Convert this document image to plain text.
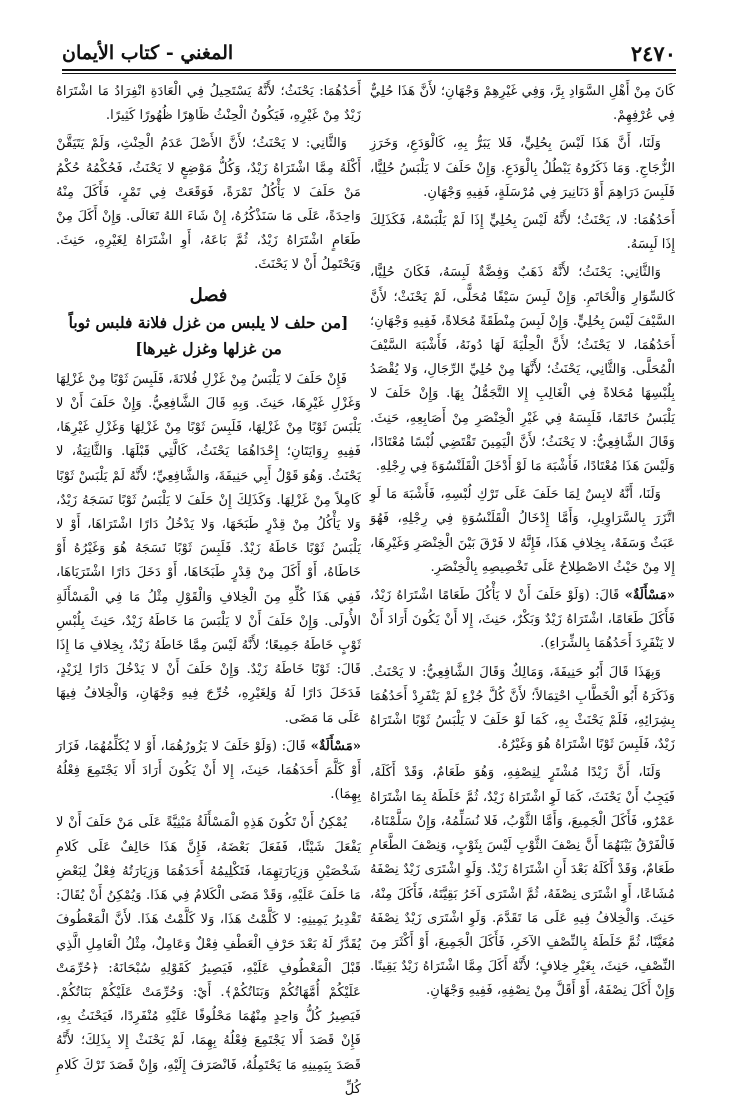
٢٤٧٠
المغني - كتاب الأيمان

كَانَ مِنْ أَهْلِ السَّوَادِ بِرَّ، وَفِي غَيْرِهِمْ وَجْهَانِ؛ لأَنَّ هَذَا حُلِيٌّ فِي عُرْفِهِمْ.

وَلَنَا، أَنَّ هَذَا لَيْسَ بِحُلِيٍّ، فَلا يَبَرُّ بِهِ، كَالْوَدَعِ، وَخَرَزِ الزُّجَاجِ. وَمَا ذَكَرُوهُ يَبْطُلُ بِالْوَدَعِ. وَإِنْ حَلَفَ لا يَلْبَسُ حُلِيًّا، فَلَبِسَ دَرَاهِمَ أَوْ دَنَانِيرَ فِي مُرْسَلَةٍ، فَفِيهِ وَجْهَانِ.

أَحَدُهُمَا: لا، يَحْنَثُ؛ لأَنَّهُ لَيْسَ بِحُلِيٍّ إِذَا لَمْ يَلْبَسْهُ، فَكَذَلِكَ إِذَا لَبِسَهُ.

وَالثَّانِي: يَحْنَثُ؛ لأَنَّهُ ذَهَبٌ وَفِضَّةٌ لَبِسَهُ، فَكَانَ حُلِيًّا، كَالسِّوَارِ وَالْخَاتَمِ. وَإِنْ لَبِسَ سَيْفًا مُحَلًّى، لَمْ يَحْنَثْ؛ لأَنَّ السَّيْفَ لَيْسَ بِحُلِيٍّ. وَإِنْ لَبِسَ مِنْطَقَةً مُحَلاةً، فَفِيهِ وَجْهَانِ؛ أَحَدُهُمَا، لا يَحْنَثُ؛ لأَنَّ الْحِلْيَةَ لَهَا دُونَهُ، فَأَشْبَهَ السَّيْفَ الْمُحَلَّى. وَالثَّانِي، يَحْنَثُ؛ لأَنَّهَا مِنْ حُلِيِّ الرِّجَالِ، وَلا يُقْصَدُ بِلُبْسِهَا مُحَلاةً فِي الْغَالِبِ إِلا التَّجَمُّلُ بِهَا. وَإِنْ حَلَفَ لا يَلْبَسُ خَاتَمًا، فَلَبِسَهُ فِي غَيْرِ الْخِنْصَرِ مِنْ أَصَابِعِهِ، حَنِثَ. وَقَالَ الشَّافِعِيُّ: لا يَحْنَثُ؛ لأَنَّ الْيَمِينَ تَقْتَضِي لُبْسًا مُعْتَادًا، وَلَيْسَ هَذَا مُعْتَادًا، فَأَشْبَهَ مَا لَوْ أَدْخَلَ الْقَلَنْسُوَةَ فِي رِجْلِهِ.

وَلَنَا، أَنَّهُ لابِسٌ لِمَا حَلَفَ عَلَى تَرْكِ لُبْسِهِ، فَأَشْبَهَ مَا لَوِ اتَّزَرَ بِالسَّرَاوِيلِ، وَأَمَّا إِدْخَالُ الْقَلَنْسُوَةِ فِي رِجْلِهِ، فَهُوَ عَبَثٌ وَسَفَهٌ، بِخِلافِ هَذَا، فَإِنَّهُ لا فَرْقَ بَيْنَ الْخِنْصَرِ وَغَيْرِهَا، إِلا مِنْ حَيْثُ الاصْطِلاحُ عَلَى تَخْصِيصِهِ بِالْخِنْصَرِ.

«مَسْأَلَةٌ» قَالَ: (وَلَوْ حَلَفَ أَنْ لا يَأْكُلَ طَعَامًا اشْتَرَاهُ زَيْدٌ، فَأَكَلَ طَعَامًا، اشْتَرَاهُ زَيْدٌ وَبَكْرٌ، حَنِثَ، إِلا أَنْ يَكُونَ أَرَادَ أَنْ لا يَنْفَرِدَ أَحَدُهُمَا بِالشِّرَاءِ).

وَبِهَذَا قَالَ أَبُو حَنِيفَةَ، وَمَالِكٌ وَقَالَ الشَّافِعِيُّ: لا يَحْنَثُ. وَذَكَرَهُ أَبُو الْخَطَّابِ احْتِمَالاً؛ لأَنَّ كُلَّ جُزْءٍ لَمْ يَنْفَرِدْ أَحَدُهُمَا بِشِرَائِهِ، فَلَمْ يَحْنَثْ بِهِ، كَمَا لَوْ حَلَفَ لا يَلْبَسُ ثَوْبًا اشْتَرَاهُ زَيْدٌ، فَلَبِسَ ثَوْبًا اشْتَرَاهُ هُوَ وَغَيْرُهُ.

وَلَنَا، أَنَّ زَيْدًا مُشْتَرٍ لِنِصْفِهِ، وَهُوَ طَعَامٌ، وَقَدْ أَكَلَهُ، فَيَجِبُ أَنْ يَحْنَثَ، كَمَا لَوِ اشْتَرَاهُ زَيْدٌ، ثُمَّ خَلَطَهُ بِمَا اشْتَرَاهُ عَمْرٌو، فَأَكَلَ الْجَمِيعَ، وَأَمَّا الثَّوْبُ، فَلا نُسَلِّمُهُ، وَإِنْ سَلَّمْنَاهُ، فَالْفَرْقُ بَيْنَهُمَا أَنَّ نِصْفَ الثَّوْبِ لَيْسَ بِثَوْبٍ، وَنِصْفَ الطَّعَامِ طَعَامٌ، وَقَدْ أَكَلَهُ بَعْدَ أَنِ اشْتَرَاهُ زَيْدٌ. وَلَوِ اشْتَرَى زَيْدٌ نِصْفَهُ مُشَاعًا، أَوِ اشْتَرَى نِصْفَهُ، ثُمَّ اشْتَرَى آخَرُ بَقِيَّتَهُ، فَأَكَلَ مِنْهُ، حَنِثَ. وَالْخِلافُ فِيهِ عَلَى مَا تَقَدَّمَ. وَلَوِ اشْتَرَى زَيْدٌ نِصْفَهُ مُعَيَّنًا، ثُمَّ خَلَطَهُ بِالنِّصْفِ الآخَرِ، فَأَكَلَ الْجَمِيعَ، أَوْ أَكْثَرَ مِنَ النِّصْفِ، حَنِثَ، بِغَيْرِ خِلافٍ؛ لأَنَّهُ أَكَلَ مِمَّا اشْتَرَاهُ زَيْدٌ يَقِينًا. وَإِنْ أَكَلَ نِصْفَهُ، أَوْ أَقَلَّ مِنْ نِصْفِهِ، فَفِيهِ وَجْهَانِ.

أَحَدُهُمَا: يَحْنَثُ؛ لأَنَّهُ يَسْتَحِيلُ فِي الْعَادَةِ انْفِرَادُ مَا اشْتَرَاهُ زَيْدٌ مِنْ غَيْرِهِ، فَيَكُونُ الْحِنْثُ ظَاهِرًا ظُهُورًا كَثِيرًا.

وَالثَّانِي: لا يَحْنَثُ؛ لأَنَّ الأَصْلَ عَدَمُ الْحِنْثِ، وَلَمْ يَتَيَقَّنْ أَكْلَهُ مِمَّا اشْتَرَاهُ زَيْدٌ، وَكُلُّ مَوْضِعٍ لا يَحْنَثُ، فَحُكْمُهُ حُكْمُ مَنْ حَلَفَ لا يَأْكُلُ تَمْرَةً، فَوَقَعَتْ فِي تَمْرٍ، فَأَكَلَ مِنْهُ وَاحِدَةً، عَلَى مَا سَنَذْكُرُهُ، إِنْ شَاءَ اللهُ تَعَالَى. وَإِنْ أَكَلَ مِنْ طَعَامٍ اشْتَرَاهُ زَيْدٌ، ثُمَّ بَاعَهُ، أَوِ اشْتَرَاهُ لِغَيْرِهِ، حَنِثَ. وَيَحْتَمِلُ أَنْ لا يَحْنَثَ.

فصل
[من حلف لا يلبس من غزل فلانة فلبس ثوباً من غزلها وغزل غيرها]

فَإِنْ حَلَفَ لا يَلْبَسُ مِنْ غَزْلِ فُلانَةَ، فَلَبِسَ ثَوْبًا مِنْ غَزْلِهَا وَغَزْلِ غَيْرِهَا، حَنِثَ. وَبِهِ قَالَ الشَّافِعِيُّ. وَإِنْ حَلَفَ أَنْ لا يَلْبَسَ ثَوْبًا مِنْ غَزْلِهَا، فَلَبِسَ ثَوْبًا مِنْ غَزْلِهَا وَغَزْلِ غَيْرِهَا، فَفِيهِ رِوَايَتَانِ؛ إِحْدَاهُمَا يَحْنَثُ، كَالَّتِي قَبْلَهَا. وَالثَّانِيَةُ، لا يَحْنَثُ. وَهُوَ قَوْلُ أَبِي حَنِيفَةَ، وَالشَّافِعِيِّ؛ لأَنَّهُ لَمْ يَلْبَسْ ثَوْبًا كَامِلاً مِنْ غَزْلِهَا. وَكَذَلِكَ إِنْ حَلَفَ لا يَلْبَسُ ثَوْبًا نَسَجَهُ زَيْدٌ، وَلا يَأْكُلُ مِنْ قِدْرٍ طَبَخَهَا، وَلا يَدْخُلُ دَارًا اشْتَرَاهَا، أَوْ لا يَلْبَسُ ثَوْبًا خَاطَهُ زَيْدٌ. فَلَبِسَ ثَوْبًا نَسَجَهُ هُوَ وَغَيْرُهُ أَوْ خَاطَاهُ، أَوْ أَكَلَ مِنْ قِدْرٍ طَبَخَاهَا، أَوْ دَخَلَ دَارًا اشْتَرَيَاهَا، فَفِي هَذَا كُلِّهِ مِنَ الْخِلافِ وَالْقَوْلِ مِثْلُ مَا فِي الْمَسْأَلَةِ الأُولَى. وَإِنْ حَلَفَ أَنْ لا يَلْبَسَ مَا خَاطَهُ زَيْدٌ، حَنِثَ بِلُبْسِ ثَوْبٍ خَاطَهُ جَمِيعًا؛ لأَنَّهُ لَيْسَ مِمَّا خَاطَهُ زَيْدٌ، بِخِلافِ مَا إِذَا قَالَ: ثَوْبًا خَاطَهُ زَيْدٌ. وَإِنْ حَلَفَ أَنْ لا يَدْخُلَ دَارًا لِزَيْدٍ، فَدَخَلَ دَارًا لَهُ وَلِغَيْرِهِ، خُرِّجَ فِيهِ وَجْهَانِ، وَالْخِلافُ فِيهَا عَلَى مَا مَضَى.

«مَسْأَلَةٌ» قَالَ: (وَلَوْ حَلَفَ لا يَزُورُهُمَا، أَوْ لا يُكَلِّمُهُمَا، فَزَارَ أَوْ كَلَّمَ أَحَدَهُمَا، حَنِثَ، إِلا أَنْ يَكُونَ أَرَادَ أَلا يَجْتَمِعَ فِعْلُهُ بِهِمَا).

يُمْكِنُ أَنْ تَكُونَ هَذِهِ الْمَسْأَلَةُ مَبْنِيَّةً عَلَى مَنْ حَلَفَ أَنْ لا يَفْعَلَ شَيْئًا، فَفَعَلَ بَعْضَهُ، فَإِنَّ هَذَا حَالِفٌ عَلَى كَلامِ شَخْصَيْنِ وَزِيَارَتِهِمَا، فَتَكْلِيمُهُ أَحَدَهُمَا وَزِيَارَتُهُ فِعْلٌ لِبَعْضِ مَا حَلَفَ عَلَيْهِ، وَقَدْ مَضَى الْكَلامُ فِي هَذَا. وَيُمْكِنُ أَنْ يُقَالَ: تَقْدِيرُ يَمِينِهِ: لا كَلَّمْتُ هَذَا، وَلا كَلَّمْتُ هَذَا. لأَنَّ الْمَعْطُوفَ يُقَدَّرُ لَهُ بَعْدَ حَرْفِ الْعَطْفِ فِعْلٌ وَعَامِلٌ، مِثْلُ الْعَامِلِ الَّذِي قَبْلَ الْمَعْطُوفِ عَلَيْهِ، فَيَصِيرُ كَقَوْلِهِ سُبْحَانَهُ: ﴿حُرِّمَتْ عَلَيْكُمْ أُمَّهَاتُكُمْ وَبَنَاتُكُمْ﴾. أَيْ: وَحُرِّمَتْ عَلَيْكُمْ بَنَاتُكُمْ. فَيَصِيرُ كُلُّ وَاحِدٍ مِنْهُمَا مَحْلُوفًا عَلَيْهِ مُنْفَرِدًا، فَيَحْنَثُ بِهِ، فَإِنْ قَصَدَ أَلا يَجْتَمِعَ فِعْلُهُ بِهِمَا، لَمْ يَحْنَثْ إِلا بِذَلِكَ؛ لأَنَّهُ قَصَدَ بِيَمِينِهِ مَا يَحْتَمِلُهُ، فَانْصَرَفَ إِلَيْهِ، وَإِنْ قَصَدَ تَرْكَ كَلامِ كُلِّ
